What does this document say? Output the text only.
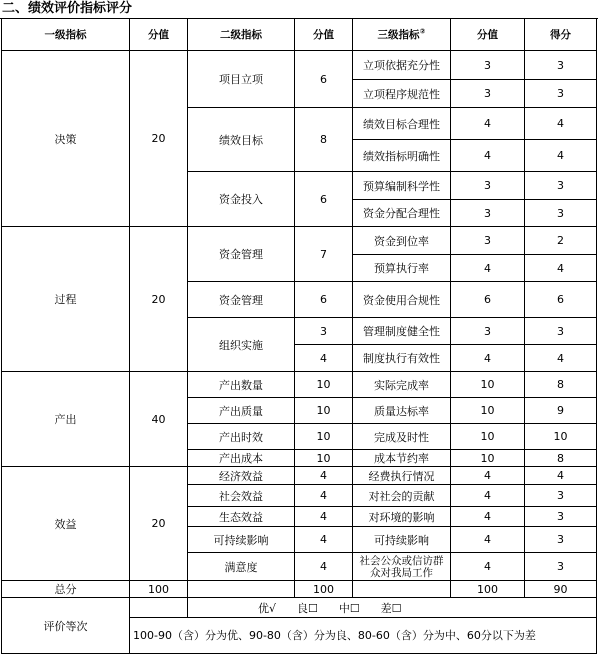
二、绩效评价指标评分
一级指标	分值	二级指标	分值	三级指标②	分值	得分
决策	20	项目立项	6	立项依据充分性	3	3
				立项程序规范性	3	3
		绩效目标	8	绩效目标合理性	4	4
				绩效指标明确性	4	4
		资金投入	6	预算编制科学性	3	3
				资金分配合理性	3	3
过程	20	资金管理	7	资金到位率	3	2
				预算执行率	4	4
		资金管理	6	资金使用合规性	6	6
		组织实施	3	管理制度健全性	3	3
			4	制度执行有效性	4	4
产出	40	产出数量	10	实际完成率	10	8
		产出质量	10	质量达标率	10	9
		产出时效	10	完成及时性	10	10
		产出成本	10	成本节约率	10	8
效益	20	经济效益	4	经费执行情况	4	4
		社会效益	4	对社会的贡献	4	3
		生态效益	4	对环境的影响	4	3
		可持续影响	4	可持续影响	4	3
		满意度	4	社会公众或信访群众对我局工作	4	3
总分	100		100		100	90
评价等次		优√      良☐      中☐      差☐				
	100-90（含）分为优、90-80（含）分为良、80-60（含）分为中、60分以下为差					
